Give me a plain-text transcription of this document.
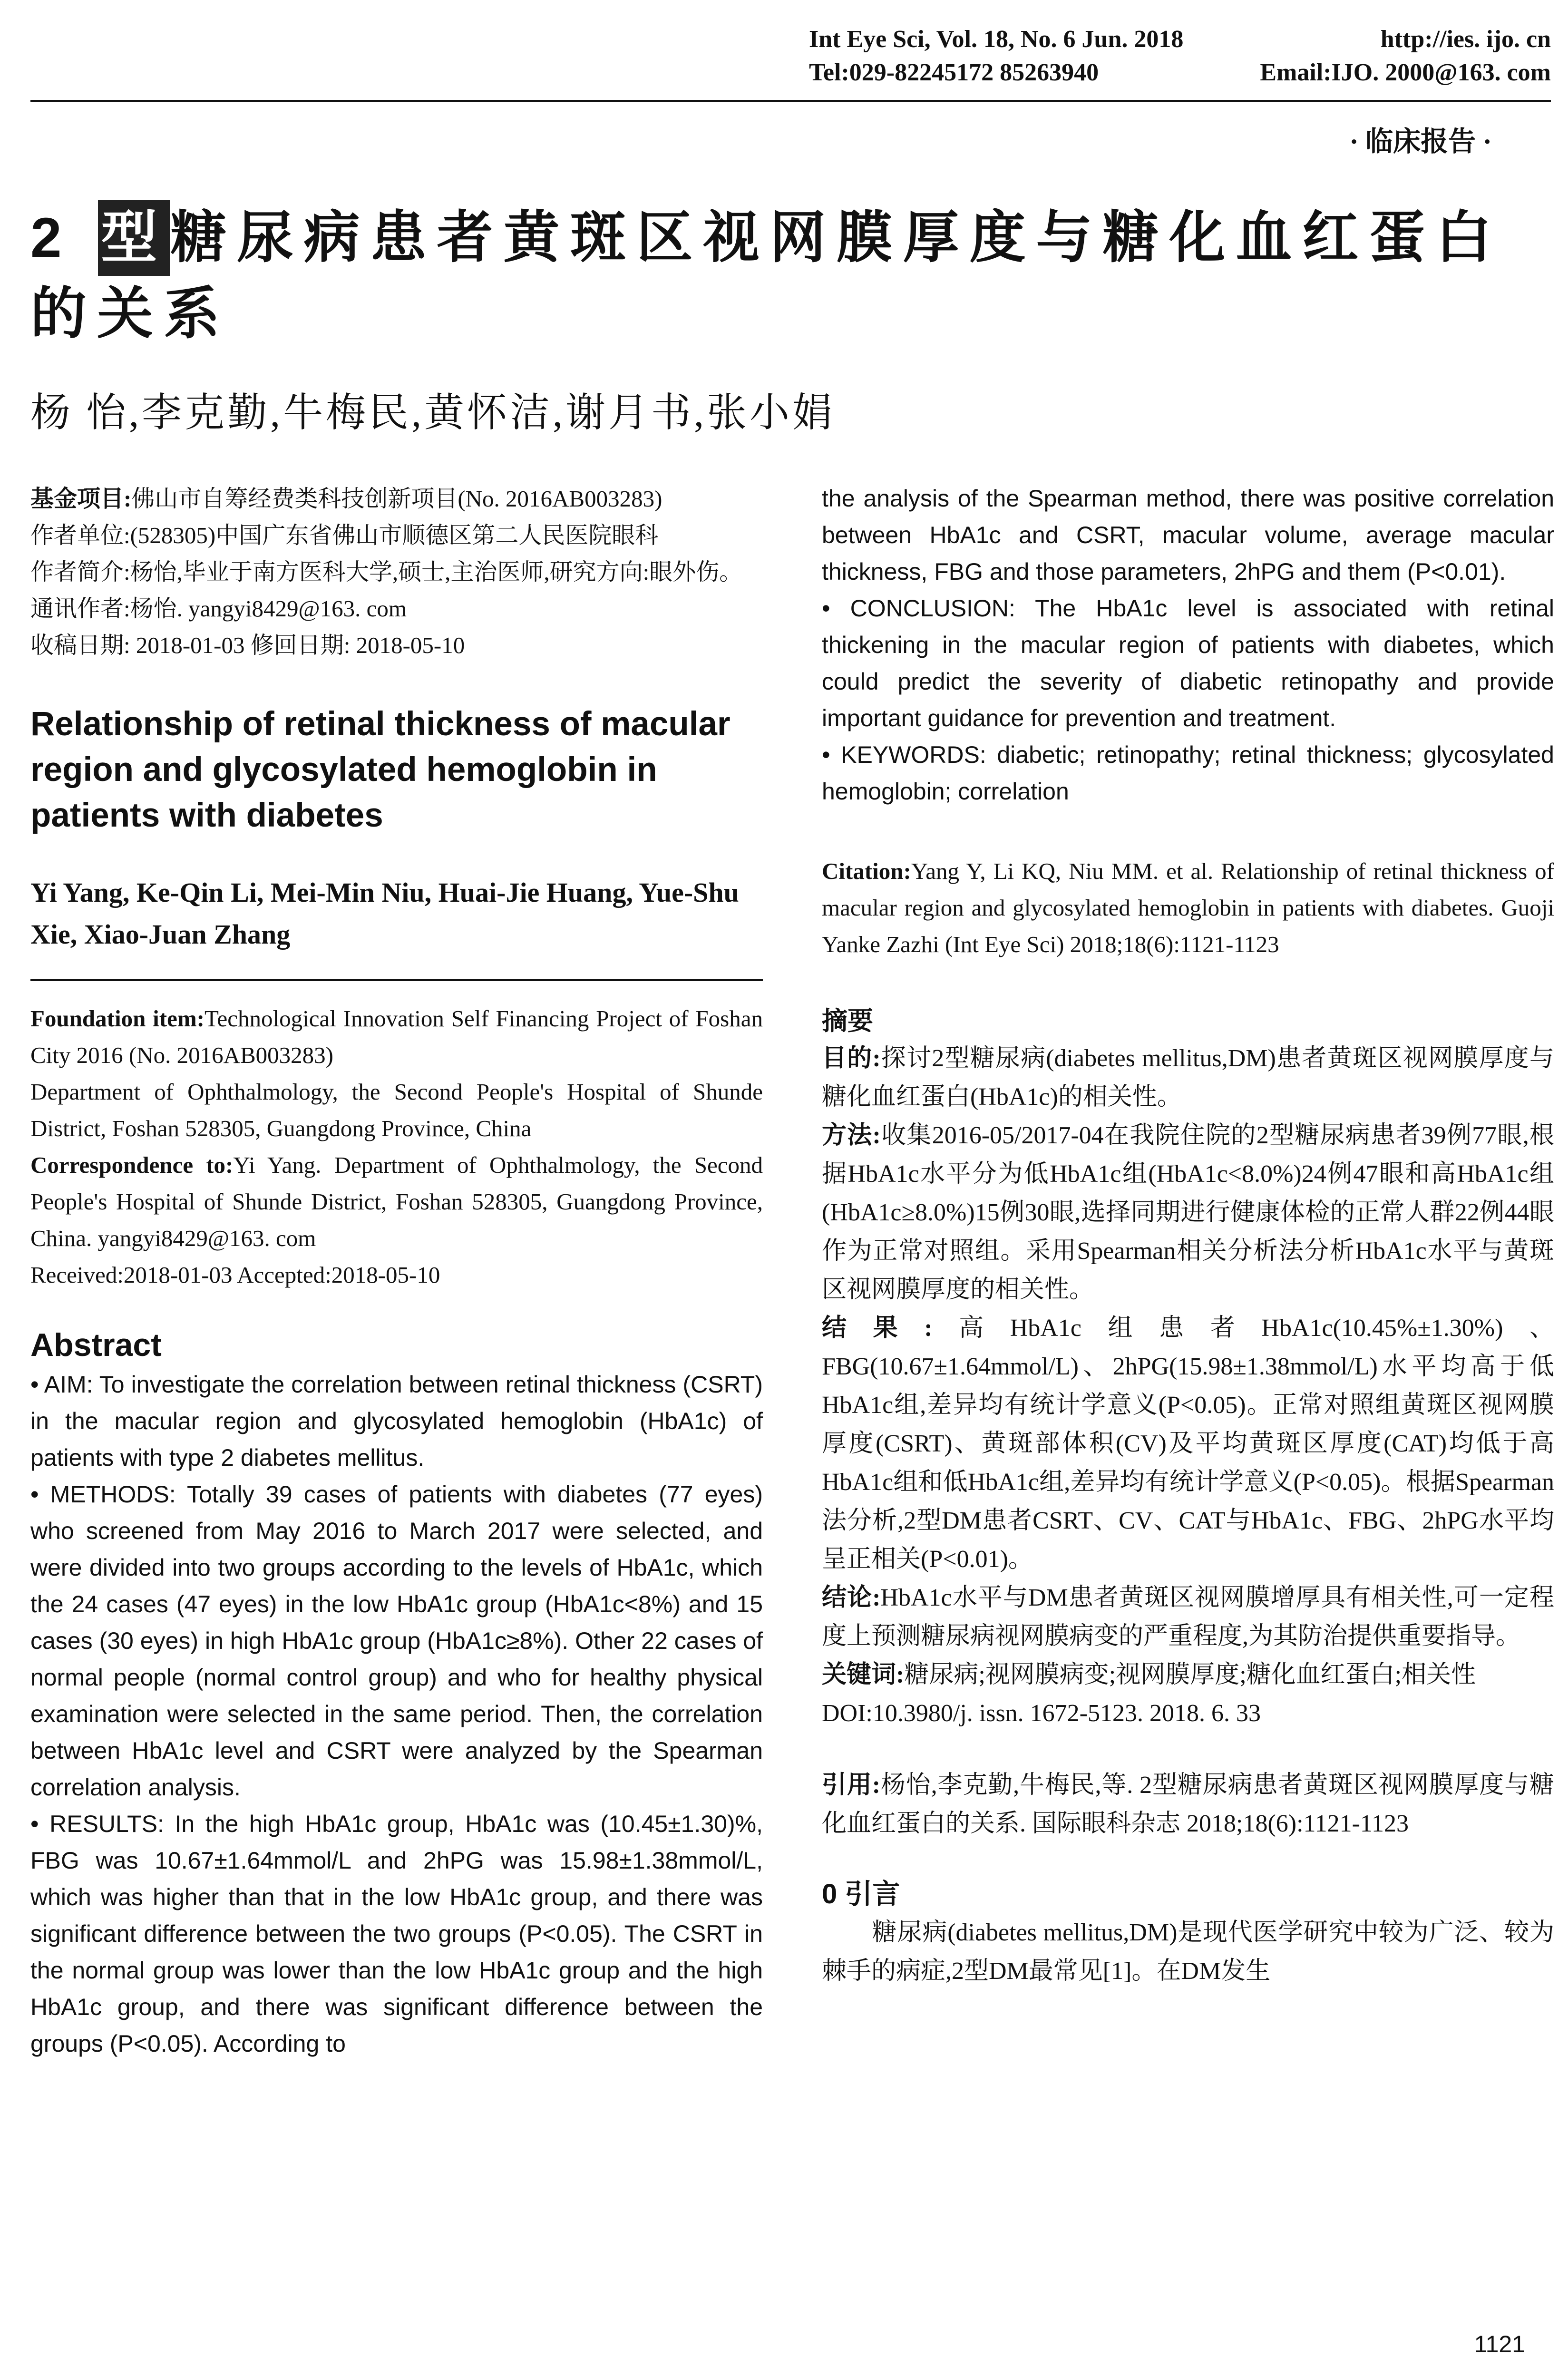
Int Eye Sci, Vol. 18, No. 6 Jun. 2018	http://ies. ijo. cn
Tel:029-82245172 85263940	Email:IJO. 2000@163. com
· 临床报告 ·
2 型糖尿病患者黄斑区视网膜厚度与糖化血红蛋白的关系
杨 怡,李克勤,牛梅民,黄怀洁,谢月书,张小娟

基金项目:佛山市自筹经费类科技创新项目(No. 2016AB003283)

作者单位:(528305)中国广东省佛山市顺德区第二人民医院眼科

作者简介:杨怡,毕业于南方医科大学,硕士,主治医师,研究方向:眼外伤。

通讯作者:杨怡. yangyi8429@163. com

收稿日期: 2018-01-03 修回日期: 2018-05-10

Relationship of retinal thickness of macular region and glycosylated hemoglobin in patients with diabetes
Yi Yang, Ke-Qin Li, Mei-Min Niu, Huai-Jie Huang, Yue-Shu Xie, Xiao-Juan Zhang

Foundation item:Technological Innovation Self Financing Project of Foshan City 2016 (No. 2016AB003283)

Department of Ophthalmology, the Second People's Hospital of Shunde District, Foshan 528305, Guangdong Province, China

Correspondence to:Yi Yang. Department of Ophthalmology, the Second People's Hospital of Shunde District, Foshan 528305, Guangdong Province, China. yangyi8429@163. com

Received:2018-01-03 Accepted:2018-05-10

Abstract

• AIM: To investigate the correlation between retinal thickness (CSRT) in the macular region and glycosylated hemoglobin (HbA1c) of patients with type 2 diabetes mellitus.

• METHODS: Totally 39 cases of patients with diabetes (77 eyes) who screened from May 2016 to March 2017 were selected, and were divided into two groups according to the levels of HbA1c, which the 24 cases (47 eyes) in the low HbA1c group (HbA1c<8%) and 15 cases (30 eyes) in high HbA1c group (HbA1c≥8%). Other 22 cases of normal people (normal control group) and who for healthy physical examination were selected in the same period. Then, the correlation between HbA1c level and CSRT were analyzed by the Spearman correlation analysis.

• RESULTS: In the high HbA1c group, HbA1c was (10.45±1.30)%, FBG was 10.67±1.64mmol/L and 2hPG was 15.98±1.38mmol/L, which was higher than that in the low HbA1c group, and there was significant difference between the two groups (P<0.05). The CSRT in the normal group was lower than the low HbA1c group and the high HbA1c group, and there was significant difference between the groups (P<0.05). According to

the analysis of the Spearman method, there was positive correlation between HbA1c and CSRT, macular volume, average macular thickness, FBG and those parameters, 2hPG and them (P<0.01).

• CONCLUSION: The HbA1c level is associated with retinal thickening in the macular region of patients with diabetes, which could predict the severity of diabetic retinopathy and provide important guidance for prevention and treatment.

• KEYWORDS: diabetic; retinopathy; retinal thickness; glycosylated hemoglobin; correlation

Citation:Yang Y, Li KQ, Niu MM. et al. Relationship of retinal thickness of macular region and glycosylated hemoglobin in patients with diabetes. Guoji Yanke Zazhi (Int Eye Sci) 2018;18(6):1121-1123

摘要

目的:探讨2型糖尿病(diabetes mellitus,DM)患者黄斑区视网膜厚度与糖化血红蛋白(HbA1c)的相关性。

方法:收集2016-05/2017-04在我院住院的2型糖尿病患者39例77眼,根据HbA1c水平分为低HbA1c组(HbA1c<8.0%)24例47眼和高HbA1c组(HbA1c≥8.0%)15例30眼,选择同期进行健康体检的正常人群22例44眼作为正常对照组。采用Spearman相关分析法分析HbA1c水平与黄斑区视网膜厚度的相关性。

结果:高HbA1c组患者HbA1c(10.45%±1.30%)、FBG(10.67±1.64mmol/L)、2hPG(15.98±1.38mmol/L)水平均高于低HbA1c组,差异均有统计学意义(P<0.05)。正常对照组黄斑区视网膜厚度(CSRT)、黄斑部体积(CV)及平均黄斑区厚度(CAT)均低于高HbA1c组和低HbA1c组,差异均有统计学意义(P<0.05)。根据Spearman法分析,2型DM患者CSRT、CV、CAT与HbA1c、FBG、2hPG水平均呈正相关(P<0.01)。

结论:HbA1c水平与DM患者黄斑区视网膜增厚具有相关性,可一定程度上预测糖尿病视网膜病变的严重程度,为其防治提供重要指导。

关键词:糖尿病;视网膜病变;视网膜厚度;糖化血红蛋白;相关性

DOI:10.3980/j. issn. 1672-5123. 2018. 6. 33

引用:杨怡,李克勤,牛梅民,等. 2型糖尿病患者黄斑区视网膜厚度与糖化血红蛋白的关系. 国际眼科杂志 2018;18(6):1121-1123

0 引言

　　糖尿病(diabetes mellitus,DM)是现代医学研究中较为广泛、较为棘手的病症,2型DM最常见[1]。在DM发生

1121
